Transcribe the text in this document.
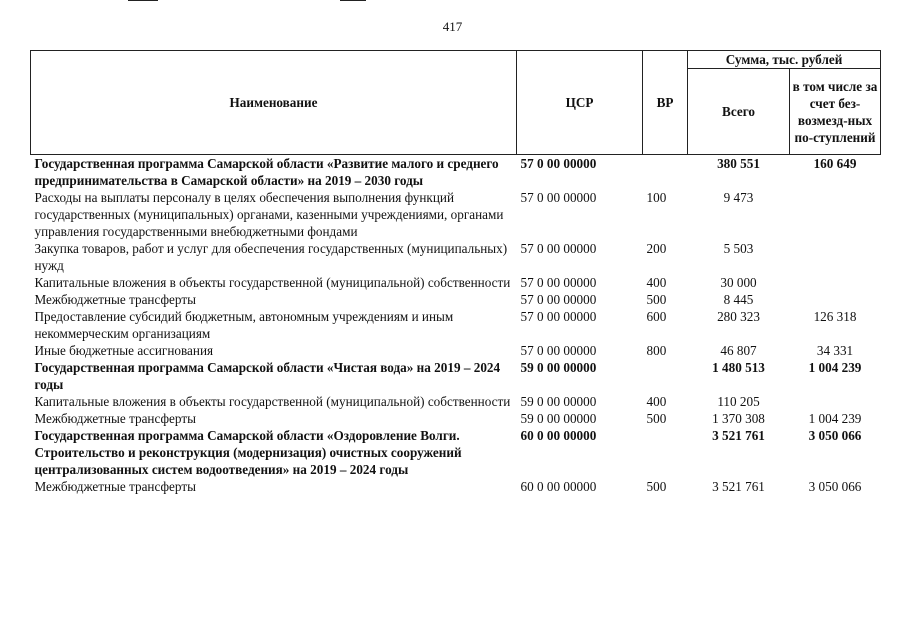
417
Наименование	ЦСР	ВР	Сумма, тыс. рублей	
			Всего	в том числе за счет без-возмезд-ных по-ступлений
Государственная программа Самарской области «Развитие малого и среднего предпринимательства в Самарской области» на 2019 – 2030 годы	57 0 00 00000		380 551	160 649
Расходы на выплаты персоналу в целях обеспечения выполнения функций государственных (муниципальных) органами, казенными учреждениями, органами управления государственными внебюджетными фондами	57 0 00 00000	100	9 473	
Закупка товаров, работ и услуг для обеспечения государственных (муниципальных) нужд	57 0 00 00000	200	5 503	
Капитальные вложения в объекты государственной (муниципальной) собственности	57 0 00 00000	400	30 000	
Межбюджетные трансферты	57 0 00 00000	500	8 445	
Предоставление субсидий бюджетным, автономным учреждениям и иным некоммерческим организациям	57 0 00 00000	600	280 323	126 318
Иные бюджетные ассигнования	57 0 00 00000	800	46 807	34 331
Государственная программа Самарской области «Чистая вода» на 2019 – 2024 годы	59 0 00 00000		1 480 513	1 004 239
Капитальные вложения в объекты государственной (муниципальной) собственности	59 0 00 00000	400	110 205	
Межбюджетные трансферты	59 0 00 00000	500	1 370 308	1 004 239
Государственная программа Самарской области «Оздоровление Волги. Строительство и реконструкция (модернизация) очистных сооружений централизованных систем водоотведения» на 2019 – 2024 годы	60 0 00 00000		3 521 761	3 050 066
Межбюджетные трансферты	60 0 00 00000	500	3 521 761	3 050 066
